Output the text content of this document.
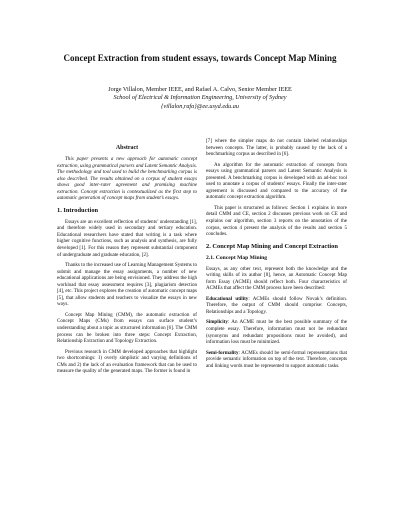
Concept Extraction from student essays, towards Concept Map Mining
Jorge Villalon, Member IEEE, and Rafael A. Calvo, Senior Member IEEE
School of Electrical & Information Engineering, University of Sydney
{villalon,rafa}@ee.usyd.edu.au
Abstract
This paper presents a new approach for automatic concept extraction, using grammatical parsers and Latent Semantic Analysis. The methodology and tool used to build the benchmarking corpus is also described. The results obtained on a corpus of student essays shows good inter-rater agreement and promising machine extraction. Concept extraction is contextualized as the first step to automatic generation of concept maps from student’s essays.
1. Introduction
Essays are an excellent reflection of students’ understanding [1], and therefore widely used in secondary and tertiary education. Educational researchers have stated that writing is a task where higher cognitive functions, such as analysis and synthesis, are fully developed [1]. For this reason they represent substantial component of undergraduate and graduate education, [2].
Thanks to the increased use of Learning Management Systems to submit and manage the essay assignments, a number of new educational applications are being envisioned. They address the high workload that essay assessment requires [3], plagiarism detection [4], etc. This project explores the creation of automatic concept maps [5], that allow students and teachers to visualize the essays in new ways.
Concept Map Mining (CMM), the automatic extraction of Concept Maps (CMs) from essays can surface student’s understanding about a topic as structured information [6]. The CMM process can be broken into three steps: Concept Extraction, Relationship Extraction and Topology Extraction.
Previous research in CMM developed approaches that highlight two shortcomings: 1) overly simplistic and varying definitions of CMs and 2) the lack of an evaluation framework that can be used to measure the quality of the generated maps. The former is found in
[7] where the simpler maps do not contain labeled relationships between concepts. The latter, is probably caused by the lack of a benchmarking corpus as described in [6].
An algorithm for the automatic extraction of concepts from essays using grammatical parsers and Latent Semantic Analysis is presented. A benchmarking corpus is developed with an ad-hoc tool used to annotate a corpus of students’ essays. Finally the inter-rater agreement is discussed and compared to the accuracy of the automatic concept extraction algorithm.
This paper is structured as follows: Section 1 explains in more detail CMM and CE, section 2 discusses previous work on CE and explains our algorithm, section 3 reports on the annotation of the corpus, section 4 present the analysis of the results and section 5 concludes.
2. Concept Map Mining and Concept Extraction
2.1. Concept Map Mining
Essays, as any other text, represent both the knowledge and the writing skills of its author [8], hence, an Automatic Concept Map form Essay (ACME) should reflect both. Four characteristics of ACMEs that affect the CMM process have been described:
Educational utility: ACMEs should follow Novak’s definition. Therefore, the output of CMM should comprise: Concepts, Relationships and a Topology.
Simplicity: An ACME must be the best possible summary of the complete essay. Therefore, information must not be redundant (synonyms and redundant propositions must be avoided), and information loss must be minimized.
Semi-formality: ACMEs should be semi-formal representations that provide semantic information on top of the text. Therefore, concepts and linking words must be represented to support automatic tasks.
